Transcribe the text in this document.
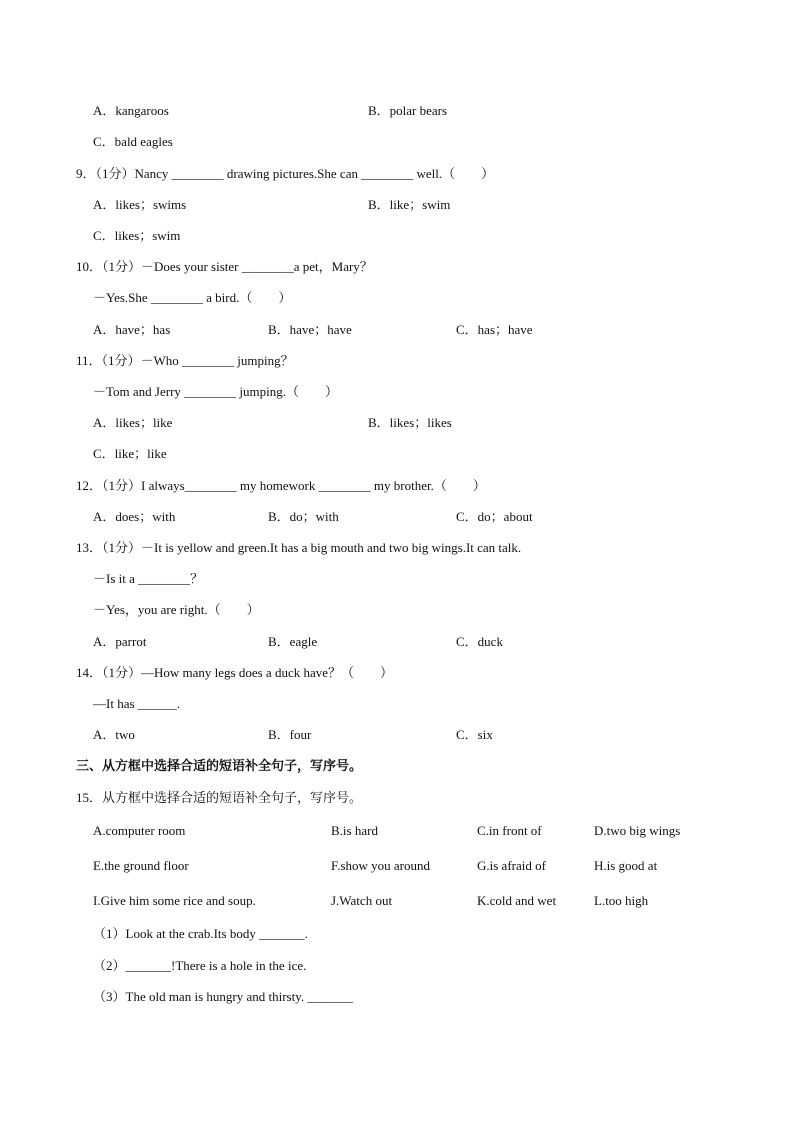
A．kangaroos	B．polar bears
C．bald eagles
9．（1分）Nancy ________ drawing pictures.She can ________ well.（　　）
A．likes；swims	B．like；swim
C．likes；swim
10．（1分）－Does your sister ________a pet，Mary？
－Yes.She ________ a bird.（　　）
A．have；has	B．have；have	C．has；have
11．（1分）－Who ________ jumping？
－Tom and Jerry ________ jumping.（　　）
A．likes；like	B．likes；likes
C．like；like
12．（1分）I always________ my homework ________ my brother.（　　）
A．does；with	B．do；with	C．do；about
13．（1分）－It is yellow and green.It has a big mouth and two big wings.It can talk.
－Is it a ________？
－Yes，you are right.（　　）
A．parrot	B．eagle	C．duck
14．（1分）—How many legs does a duck have？（　　）
—It has ______.
A．two	B．four	C．six
三、从方框中选择合适的短语补全句子，写序号。
15．从方框中选择合适的短语补全句子，写序号。
A.computer room	B.is hard	C.in front of	D.two big wings
E.the ground floor	F.show you around	G.is afraid of	H.is good at
I.Give him some rice and soup.	J.Watch out	K.cold and wet	L.too high
（1）Look at the crab.Its body _______.
（2）_______!There is a hole in the ice.
（3）The old man is hungry and thirsty. _______
